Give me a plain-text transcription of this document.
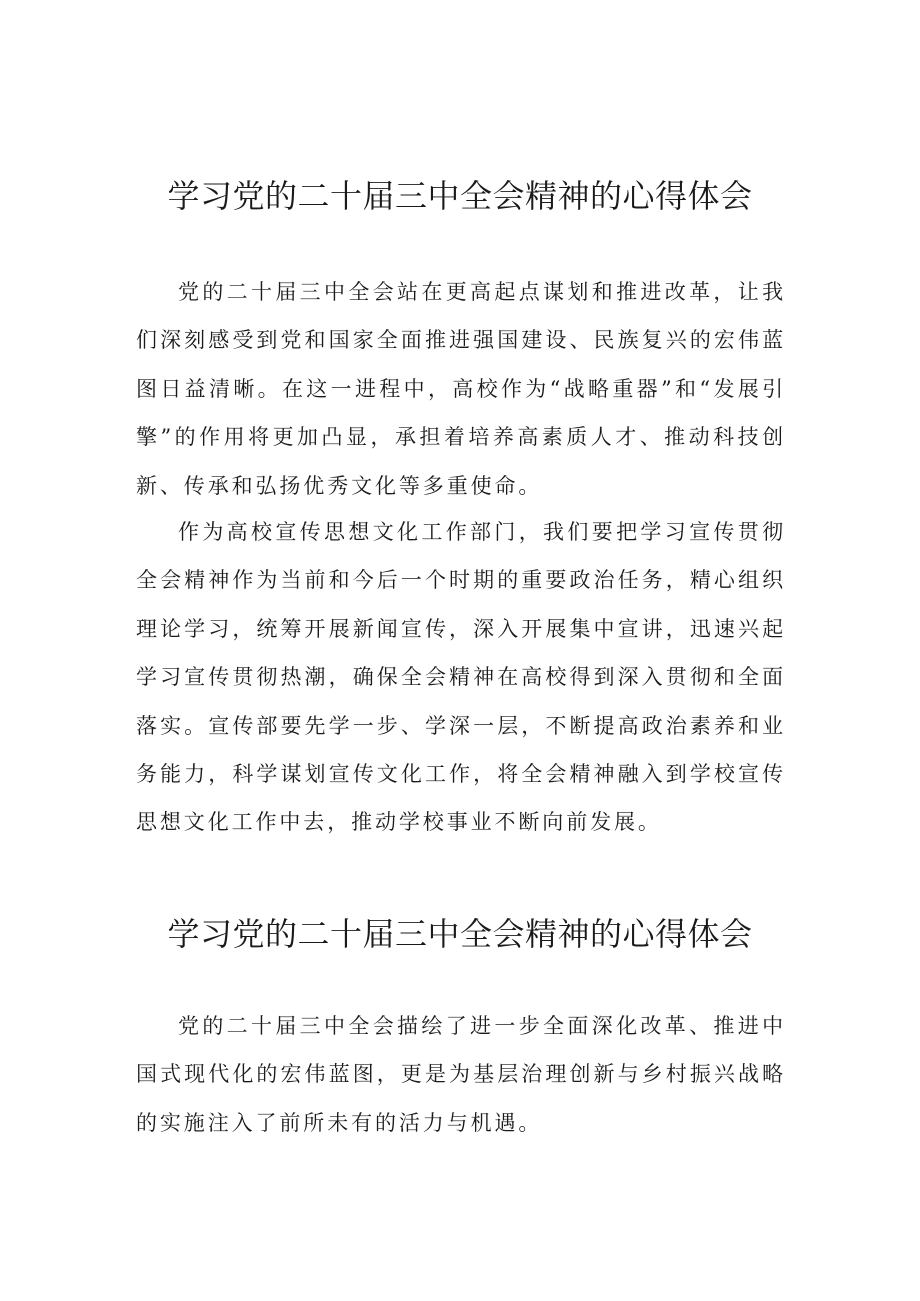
学习党的二十届三中全会精神的心得体会

党的二十届三中全会站在更高起点谋划和推进改革，让我们深刻感受到党和国家全面推进强国建设、民族复兴的宏伟蓝图日益清晰。在这一进程中，高校作为“战略重器”和“发展引擎”的作用将更加凸显，承担着培养高素质人才、推动科技创新、传承和弘扬优秀文化等多重使命。

作为高校宣传思想文化工作部门，我们要把学习宣传贯彻全会精神作为当前和今后一个时期的重要政治任务，精心组织理论学习，统筹开展新闻宣传，深入开展集中宣讲，迅速兴起学习宣传贯彻热潮，确保全会精神在高校得到深入贯彻和全面落实。宣传部要先学一步、学深一层，不断提高政治素养和业务能力，科学谋划宣传文化工作，将全会精神融入到学校宣传思想文化工作中去，推动学校事业不断向前发展。

学习党的二十届三中全会精神的心得体会

党的二十届三中全会描绘了进一步全面深化改革、推进中国式现代化的宏伟蓝图，更是为基层治理创新与乡村振兴战略的实施注入了前所未有的活力与机遇。
